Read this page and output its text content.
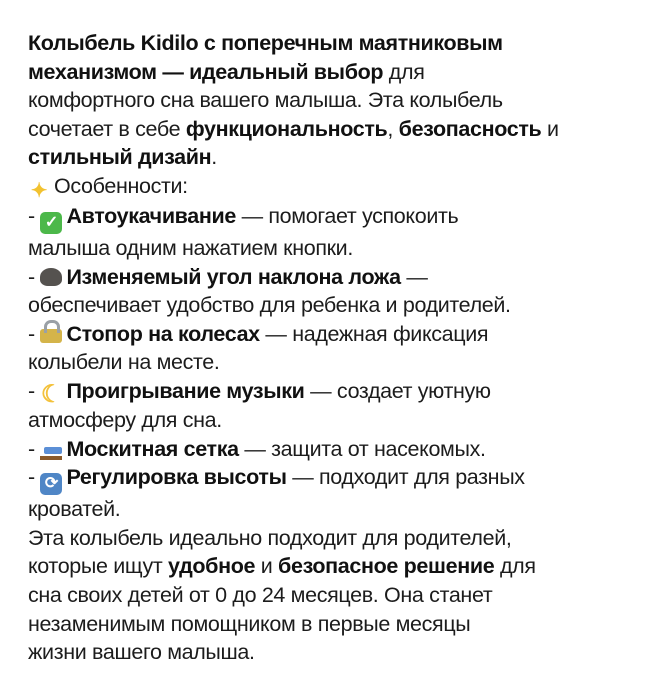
Колыбель Kidilo с поперечным маятниковым
механизмом — идеальный выбор для
комфортного сна вашего малыша. Эта колыбель
сочетает в себе функциональность, безопасность и
стильный дизайн.
✦ Особенности:
- ✓ Автоукачивание — помогает успокоить
малыша одним нажатием кнопки.
- Изменяемый угол наклона ложа —
обеспечивает удобство для ребенка и родителей.
- Стопор на колесах — надежная фиксация
колыбели на месте.
- ☾ Проигрывание музыки — создает уютную
атмосферу для сна.
- Москитная сетка — защита от насекомых.
- ⟳ Регулировка высоты — подходит для разных
кроватей.
Эта колыбель идеально подходит для родителей,
которые ищут удобное и безопасное решение для
сна своих детей от 0 до 24 месяцев. Она станет
незаменимым помощником в первые месяцы
жизни вашего малыша.
